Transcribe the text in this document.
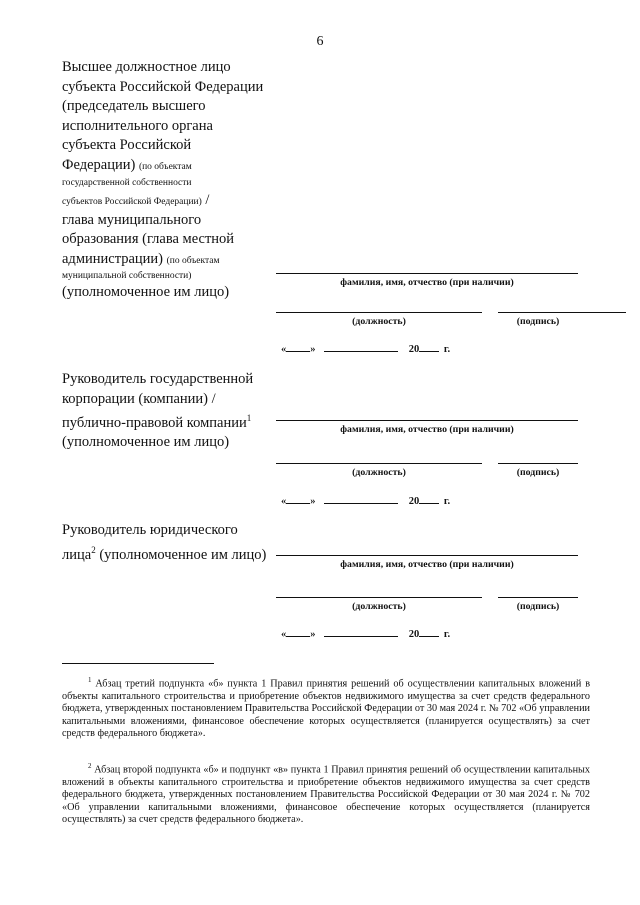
6
Высшее должностное лицо
субъекта Российской Федерации
(председатель высшего
исполнительного органа
субъекта Российской
Федерации) (по объектам
государственной собственности
субъектов Российской Федерации) /
глава муниципального
образования (глава местной
администрации) (по объектам
муниципальной собственности)
(уполномоченное им лицо)
фамилия, имя, отчество (при наличии)
(должность)	(подпись)
« »	20 г.
Руководитель государственной
корпорации (компании) /
публично-правовой компании$^1$
(уполномоченное им лицо)
фамилия, имя, отчество (при наличии)
(должность)	(подпись)
« »	20 г.
Руководитель юридического
лица$^2$ (уполномоченное им лицо)
фамилия, имя, отчество (при наличии)
(должность)	(подпись)
« »	20 г.
$^1$ Абзац третий подпункта «б» пункта 1 Правил принятия решений об осуществлении капитальных вложений в объекты капитального строительства и приобретение объектов недвижимого имущества за счет средств федерального бюджета, утвержденных постановлением Правительства Российской Федерации от 30 мая 2024 г. № 702 «Об управлении капитальными вложениями, финансовое обеспечение которых осуществляется (планируется осуществлять) за счет средств федерального бюджета».
$^2$ Абзац второй подпункта «б» и подпункт «в» пункта 1 Правил принятия решений об осуществлении капитальных вложений в объекты капитального строительства и приобретение объектов недвижимого имущества за счет средств федерального бюджета, утвержденных постановлением Правительства Российской Федерации от 30 мая 2024 г. № 702 «Об управлении капитальными вложениями, финансовое обеспечение которых осуществляется (планируется осуществлять) за счет средств федерального бюджета».
